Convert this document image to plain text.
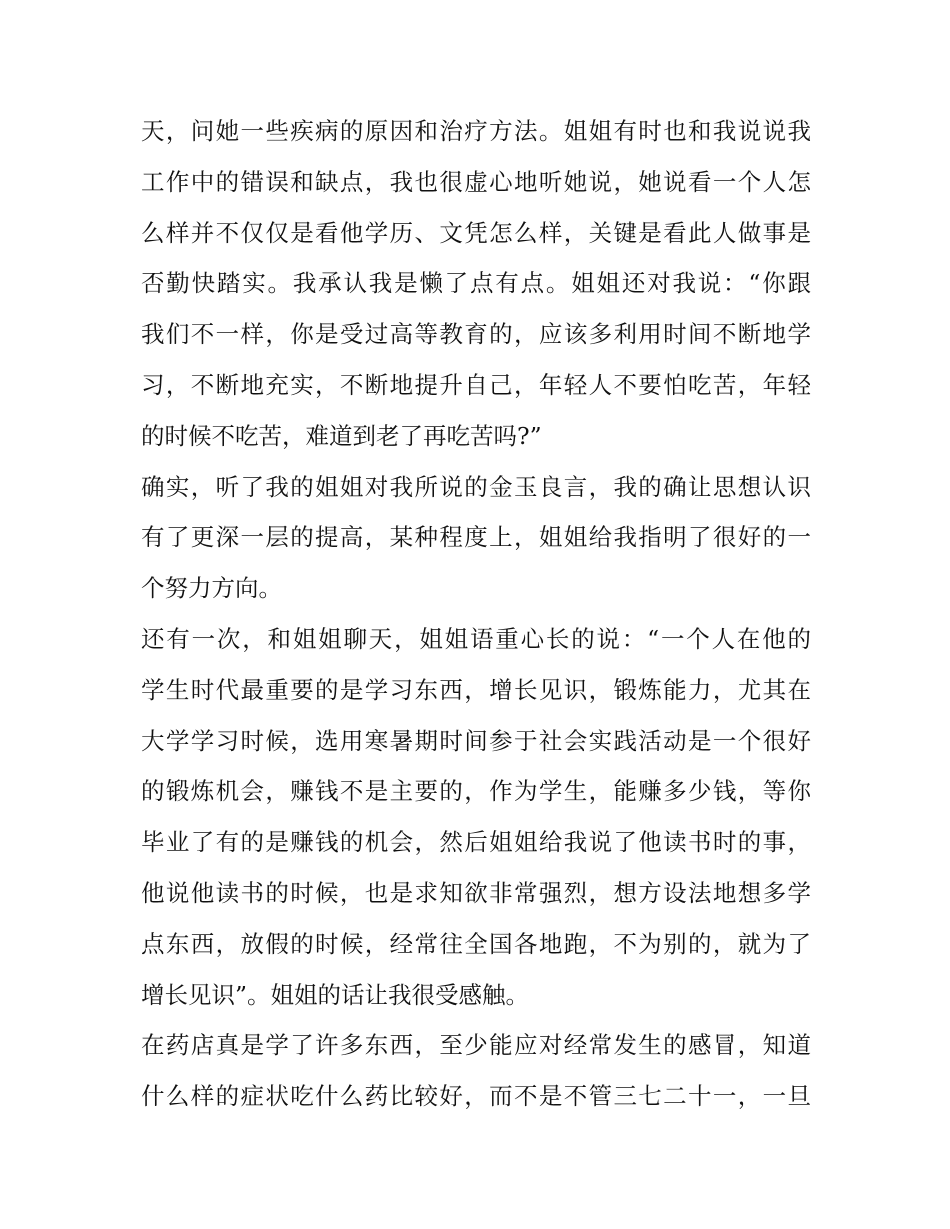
天，问她一些疾病的原因和治疗方法。姐姐有时也和我说说我
工作中的错误和缺点，我也很虚心地听她说，她说看一个人怎
么样并不仅仅是看他学历、文凭怎么样，关键是看此人做事是
否勤快踏实。我承认我是懒了点有点。姐姐还对我说：“你跟
我们不一样，你是受过高等教育的，应该多利用时间不断地学
习，不断地充实，不断地提升自己，年轻人不要怕吃苦，年轻
的时候不吃苦，难道到老了再吃苦吗?”
确实，听了我的姐姐对我所说的金玉良言，我的确让思想认识
有了更深一层的提高，某种程度上，姐姐给我指明了很好的一
个努力方向。
还有一次，和姐姐聊天，姐姐语重心长的说：“一个人在他的
学生时代最重要的是学习东西，增长见识，锻炼能力，尤其在
大学学习时候，选用寒暑期时间参于社会实践活动是一个很好
的锻炼机会，赚钱不是主要的，作为学生，能赚多少钱，等你
毕业了有的是赚钱的机会，然后姐姐给我说了他读书时的事，
他说他读书的时候，也是求知欲非常强烈，想方设法地想多学
点东西，放假的时候，经常往全国各地跑，不为别的，就为了
增长见识”。姐姐的话让我很受感触。
在药店真是学了许多东西，至少能应对经常发生的感冒，知道
什么样的症状吃什么药比较好，而不是不管三七二十一，一旦
